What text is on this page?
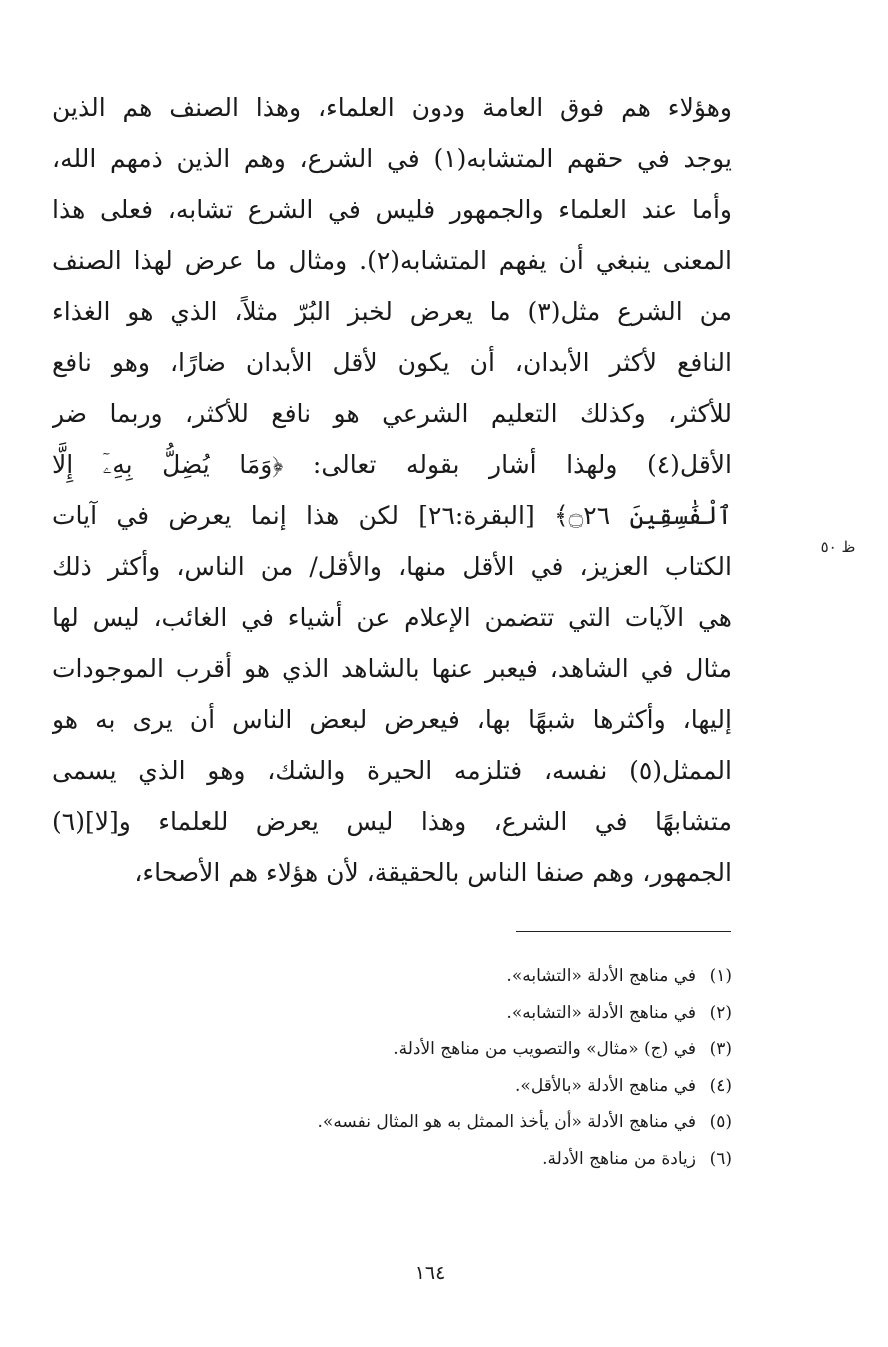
وهؤلاء هم فوق العامة ودون العلماء، وهذا الصنف هم الذين
يوجد في حقهم المتشابه(١) في الشرع، وهم الذين ذمهم الله،
وأما عند العلماء والجمهور فليس في الشرع تشابه، فعلى هذا
المعنى ينبغي أن يفهم المتشابه(٢). ومثال ما عرض لهذا الصنف
من الشرع مثل(٣) ما يعرض لخبز البُرّ مثلاً، الذي هو الغذاء
النافع لأكثر الأبدان، أن يكون لأقل الأبدان ضارًا، وهو نافع
للأكثر، وكذلك التعليم الشرعي هو نافع للأكثر، وربما ضر
الأقل(٤) ولهذا أشار بقوله تعالى: ﴿وَمَا يُضِلُّ بِهِۦٓ إِلَّا
ٱلْفَٰسِقِينَ ۝٢٦﴾ [البقرة:٢٦] لكن هذا إنما يعرض في آيات
الكتاب العزيز، في الأقل منها، والأقل/ من الناس، وأكثر ذلك
هي الآيات التي تتضمن الإعلام عن أشياء في الغائب، ليس لها
مثال في الشاهد، فيعبر عنها بالشاهد الذي هو أقرب الموجودات
إليها، وأكثرها شبهًا بها، فيعرض لبعض الناس أن يرى به هو
الممثل(٥) نفسه، فتلزمه الحيرة والشك، وهو الذي يسمى
متشابهًا في الشرع، وهذا ليس يعرض للعلماء و[لا](٦)
الجمهور، وهم صنفا الناس بالحقيقة، لأن هؤلاء هم الأصحاء،
ظ ٥٠
(١)
في مناهج الأدلة «التشابه».
(٢)
في مناهج الأدلة «التشابه».
(٣)
في (ج) «مثال» والتصويب من مناهج الأدلة.
(٤)
في مناهج الأدلة «بالأقل».
(٥)
في مناهج الأدلة «أن يأخذ الممثل به هو المثال نفسه».
(٦)
زيادة من مناهج الأدلة.
١٦٤
